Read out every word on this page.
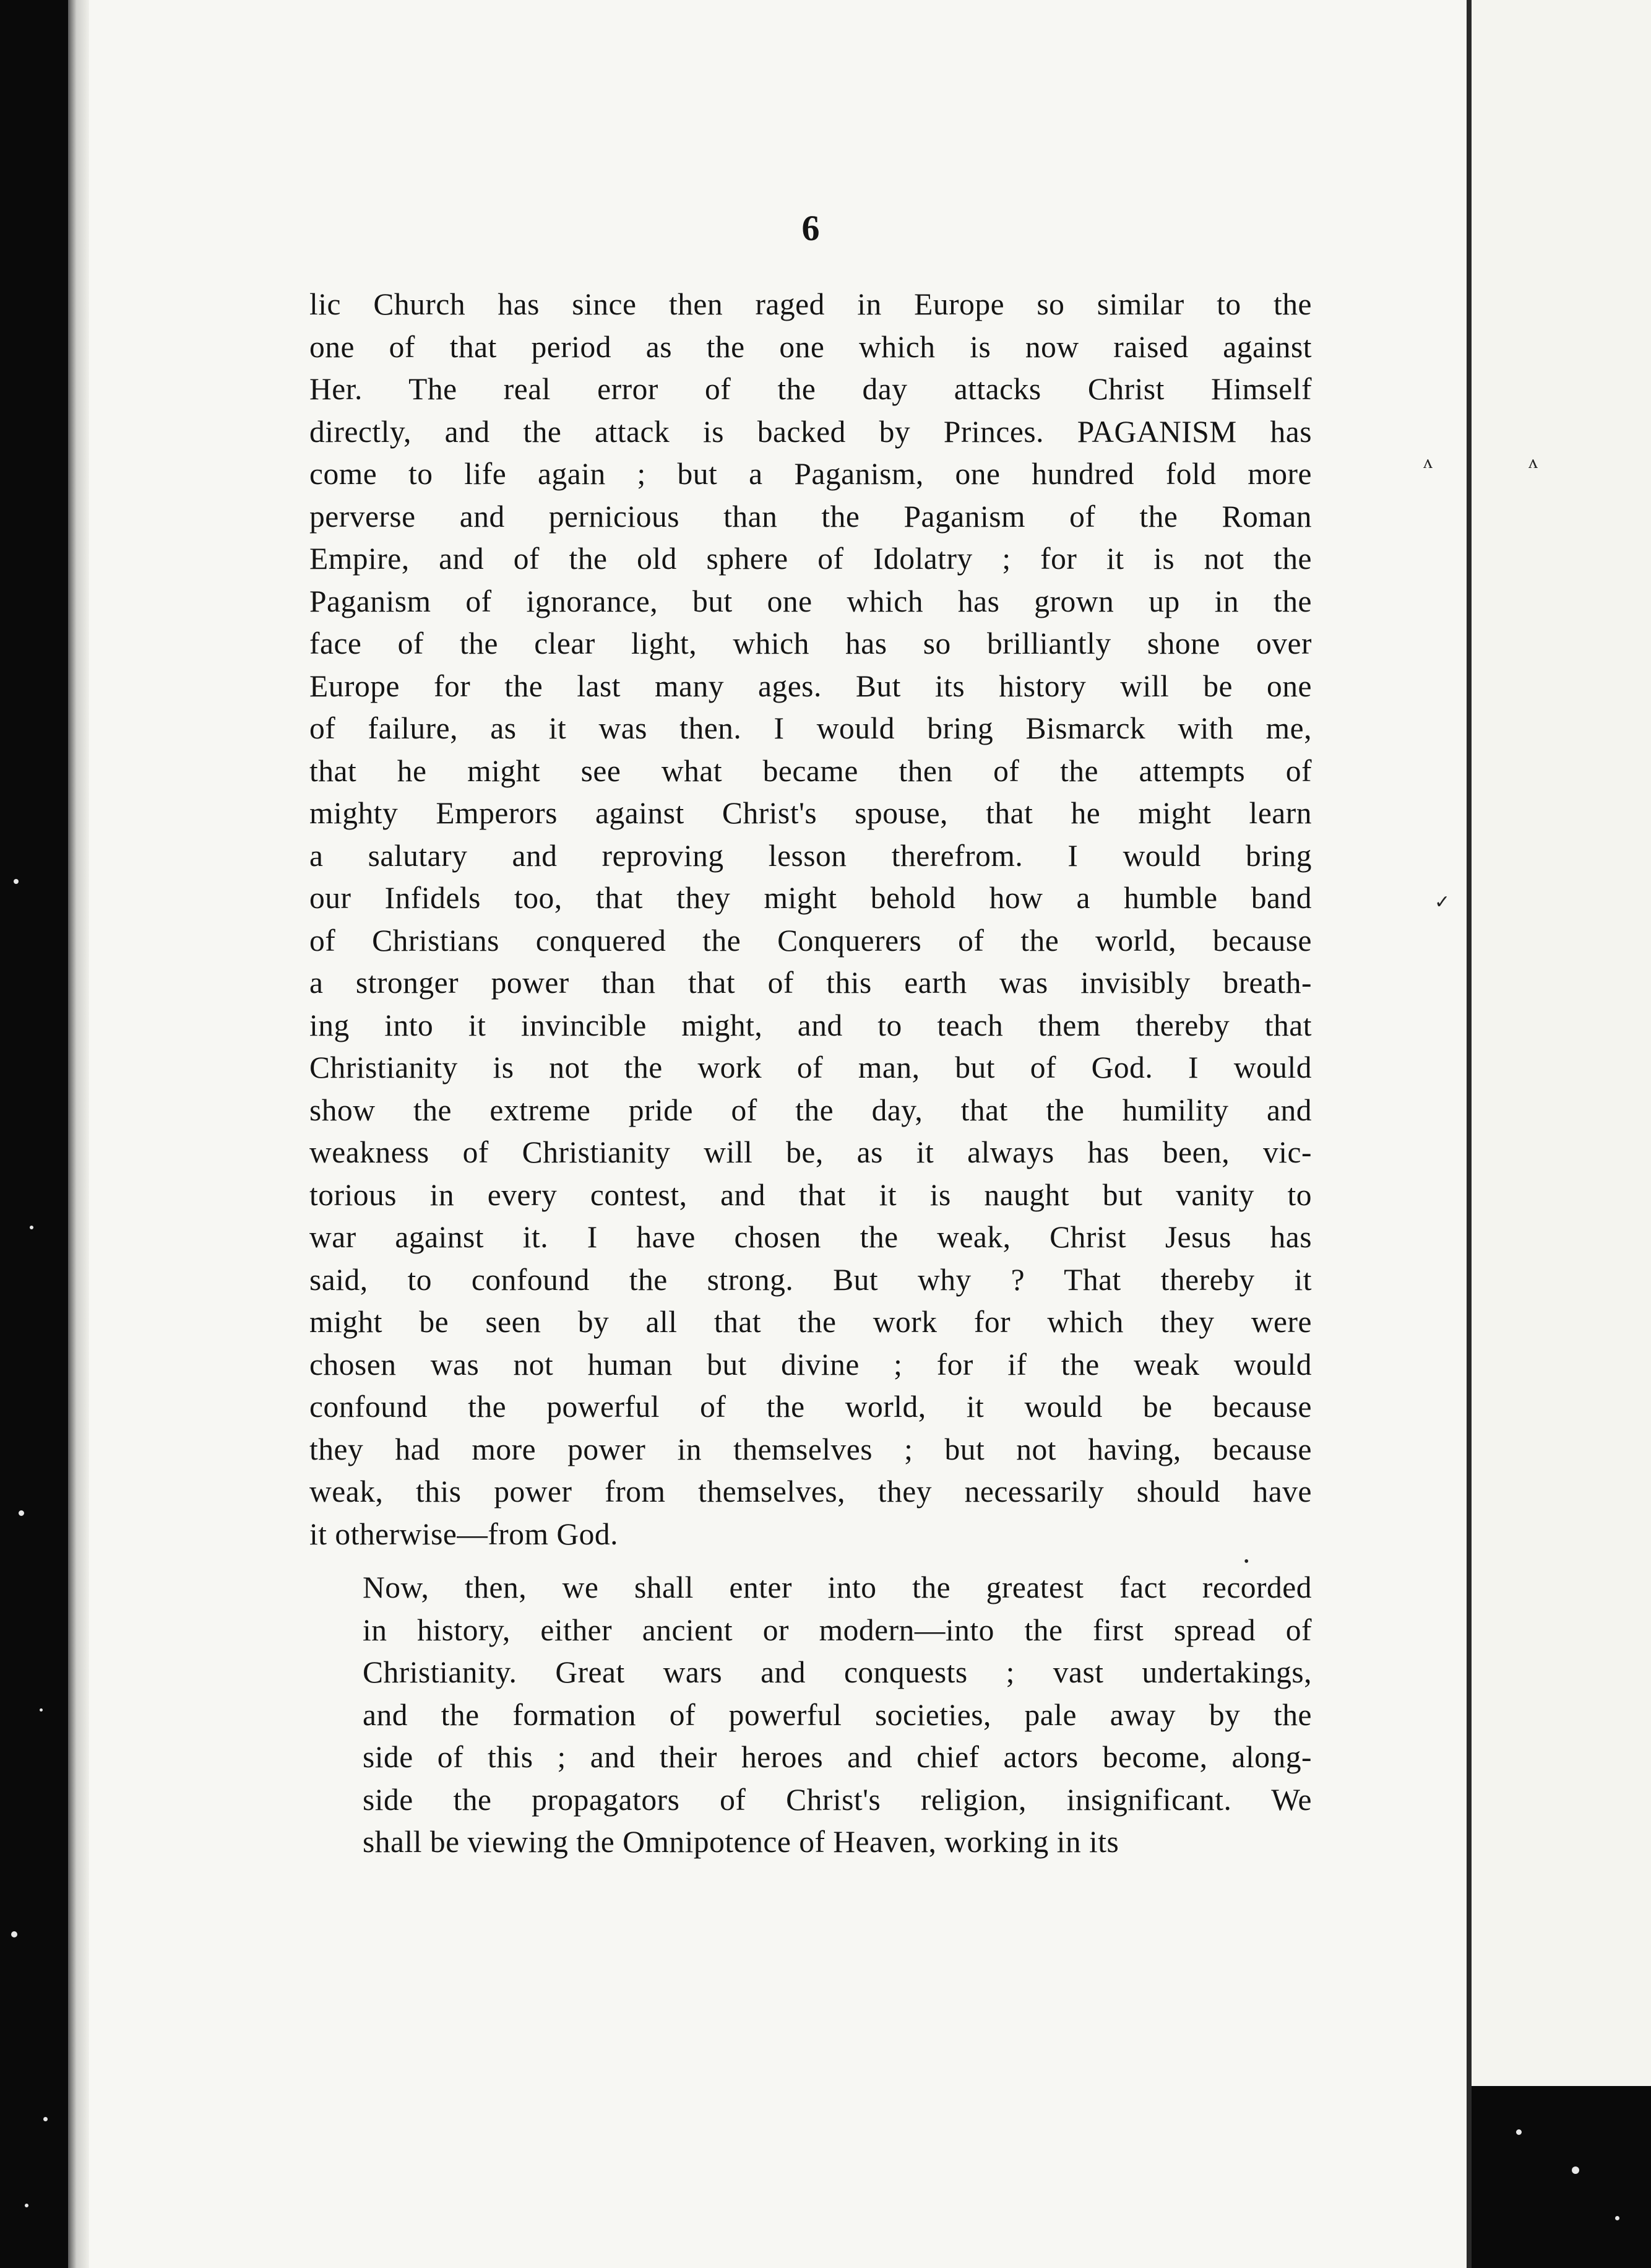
ʌ	ʌ
✓
•
6

lic Church has since then raged in Europe so similar to the
one of that period as the one which is now raised against
Her. The real error of the day attacks Christ Himself
directly, and the attack is backed by Princes. PAGANISM has
come to life again ; but a Paganism, one hundred fold more
perverse and pernicious than the Paganism of the Roman
Empire, and of the old sphere of Idolatry ; for it is not the
Paganism of ignorance, but one which has grown up in the
face of the clear light, which has so brilliantly shone over
Europe for the last many ages. But its history will be one
of failure, as it was then. I would bring Bismarck with me,
that he might see what became then of the attempts of
mighty Emperors against Christ's spouse, that he might learn
a salutary and reproving lesson therefrom. I would bring
our Infidels too, that they might behold how a humble band
of Christians conquered the Conquerers of the world, because
a stronger power than that of this earth was invisibly breath-
ing into it invincible might, and to teach them thereby that
Christianity is not the work of man, but of God. I would
show the extreme pride of the day, that the humility and
weakness of Christianity will be, as it always has been, vic-
torious in every contest, and that it is naught but vanity to
war against it. I have chosen the weak, Christ Jesus has
said, to confound the strong. But why ? That thereby it
might be seen by all that the work for which they were
chosen was not human but divine ; for if the weak would
confound the powerful of the world, it would be because
they had more power in themselves ; but not having, because
weak, this power from themselves, they necessarily should have
it otherwise—from God.

Now, then, we shall enter into the greatest fact recorded
in history, either ancient or modern—into the first spread of
Christianity. Great wars and conquests ; vast undertakings,
and the formation of powerful societies, pale away by the
side of this ; and their heroes and chief actors become, along-
side the propagators of Christ's religion, insignificant. We
shall be viewing the Omnipotence of Heaven, working in its
